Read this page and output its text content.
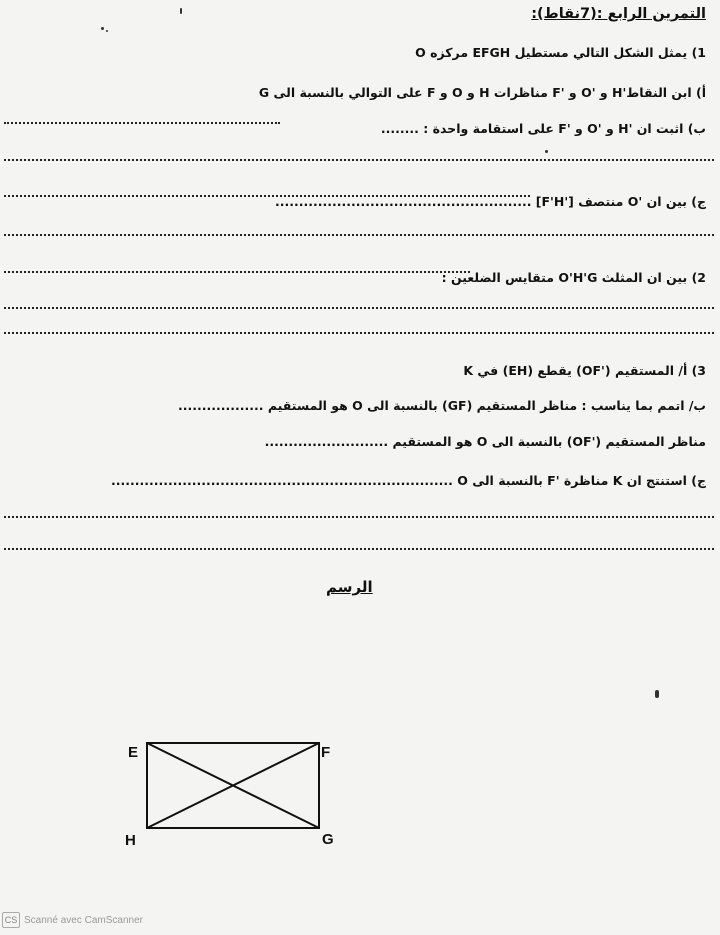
التمرين الرابع :(7نقاط):
1) يمثل الشكل التالي مستطيل EFGH مركزه O
أ) ابن النقاط'H و 'O و 'F مناظرات H و O و F على التوالي بالنسبة الى G
ب) اثبت ان 'H و 'O و 'F على استقامة واحدة : ........
ج) بين ان 'O منتصف ['F'H] ......................................................
2) بين ان المثلث O'H'G متقايس الضلعين :
3) أ/ المستقيم ('OF) يقطع (EH) في K
ب/ اتمم بما يناسب : مناظر المستقيم (GF) بالنسبة الى O هو المستقيم ..................
مناظر المستقيم ('OF) بالنسبة الى O هو المستقيم ..........................
ج) استنتج ان K مناظرة 'F بالنسبة الى O ........................................................................
الرسم
E	F
G
H
CS Scanné avec CamScanner
